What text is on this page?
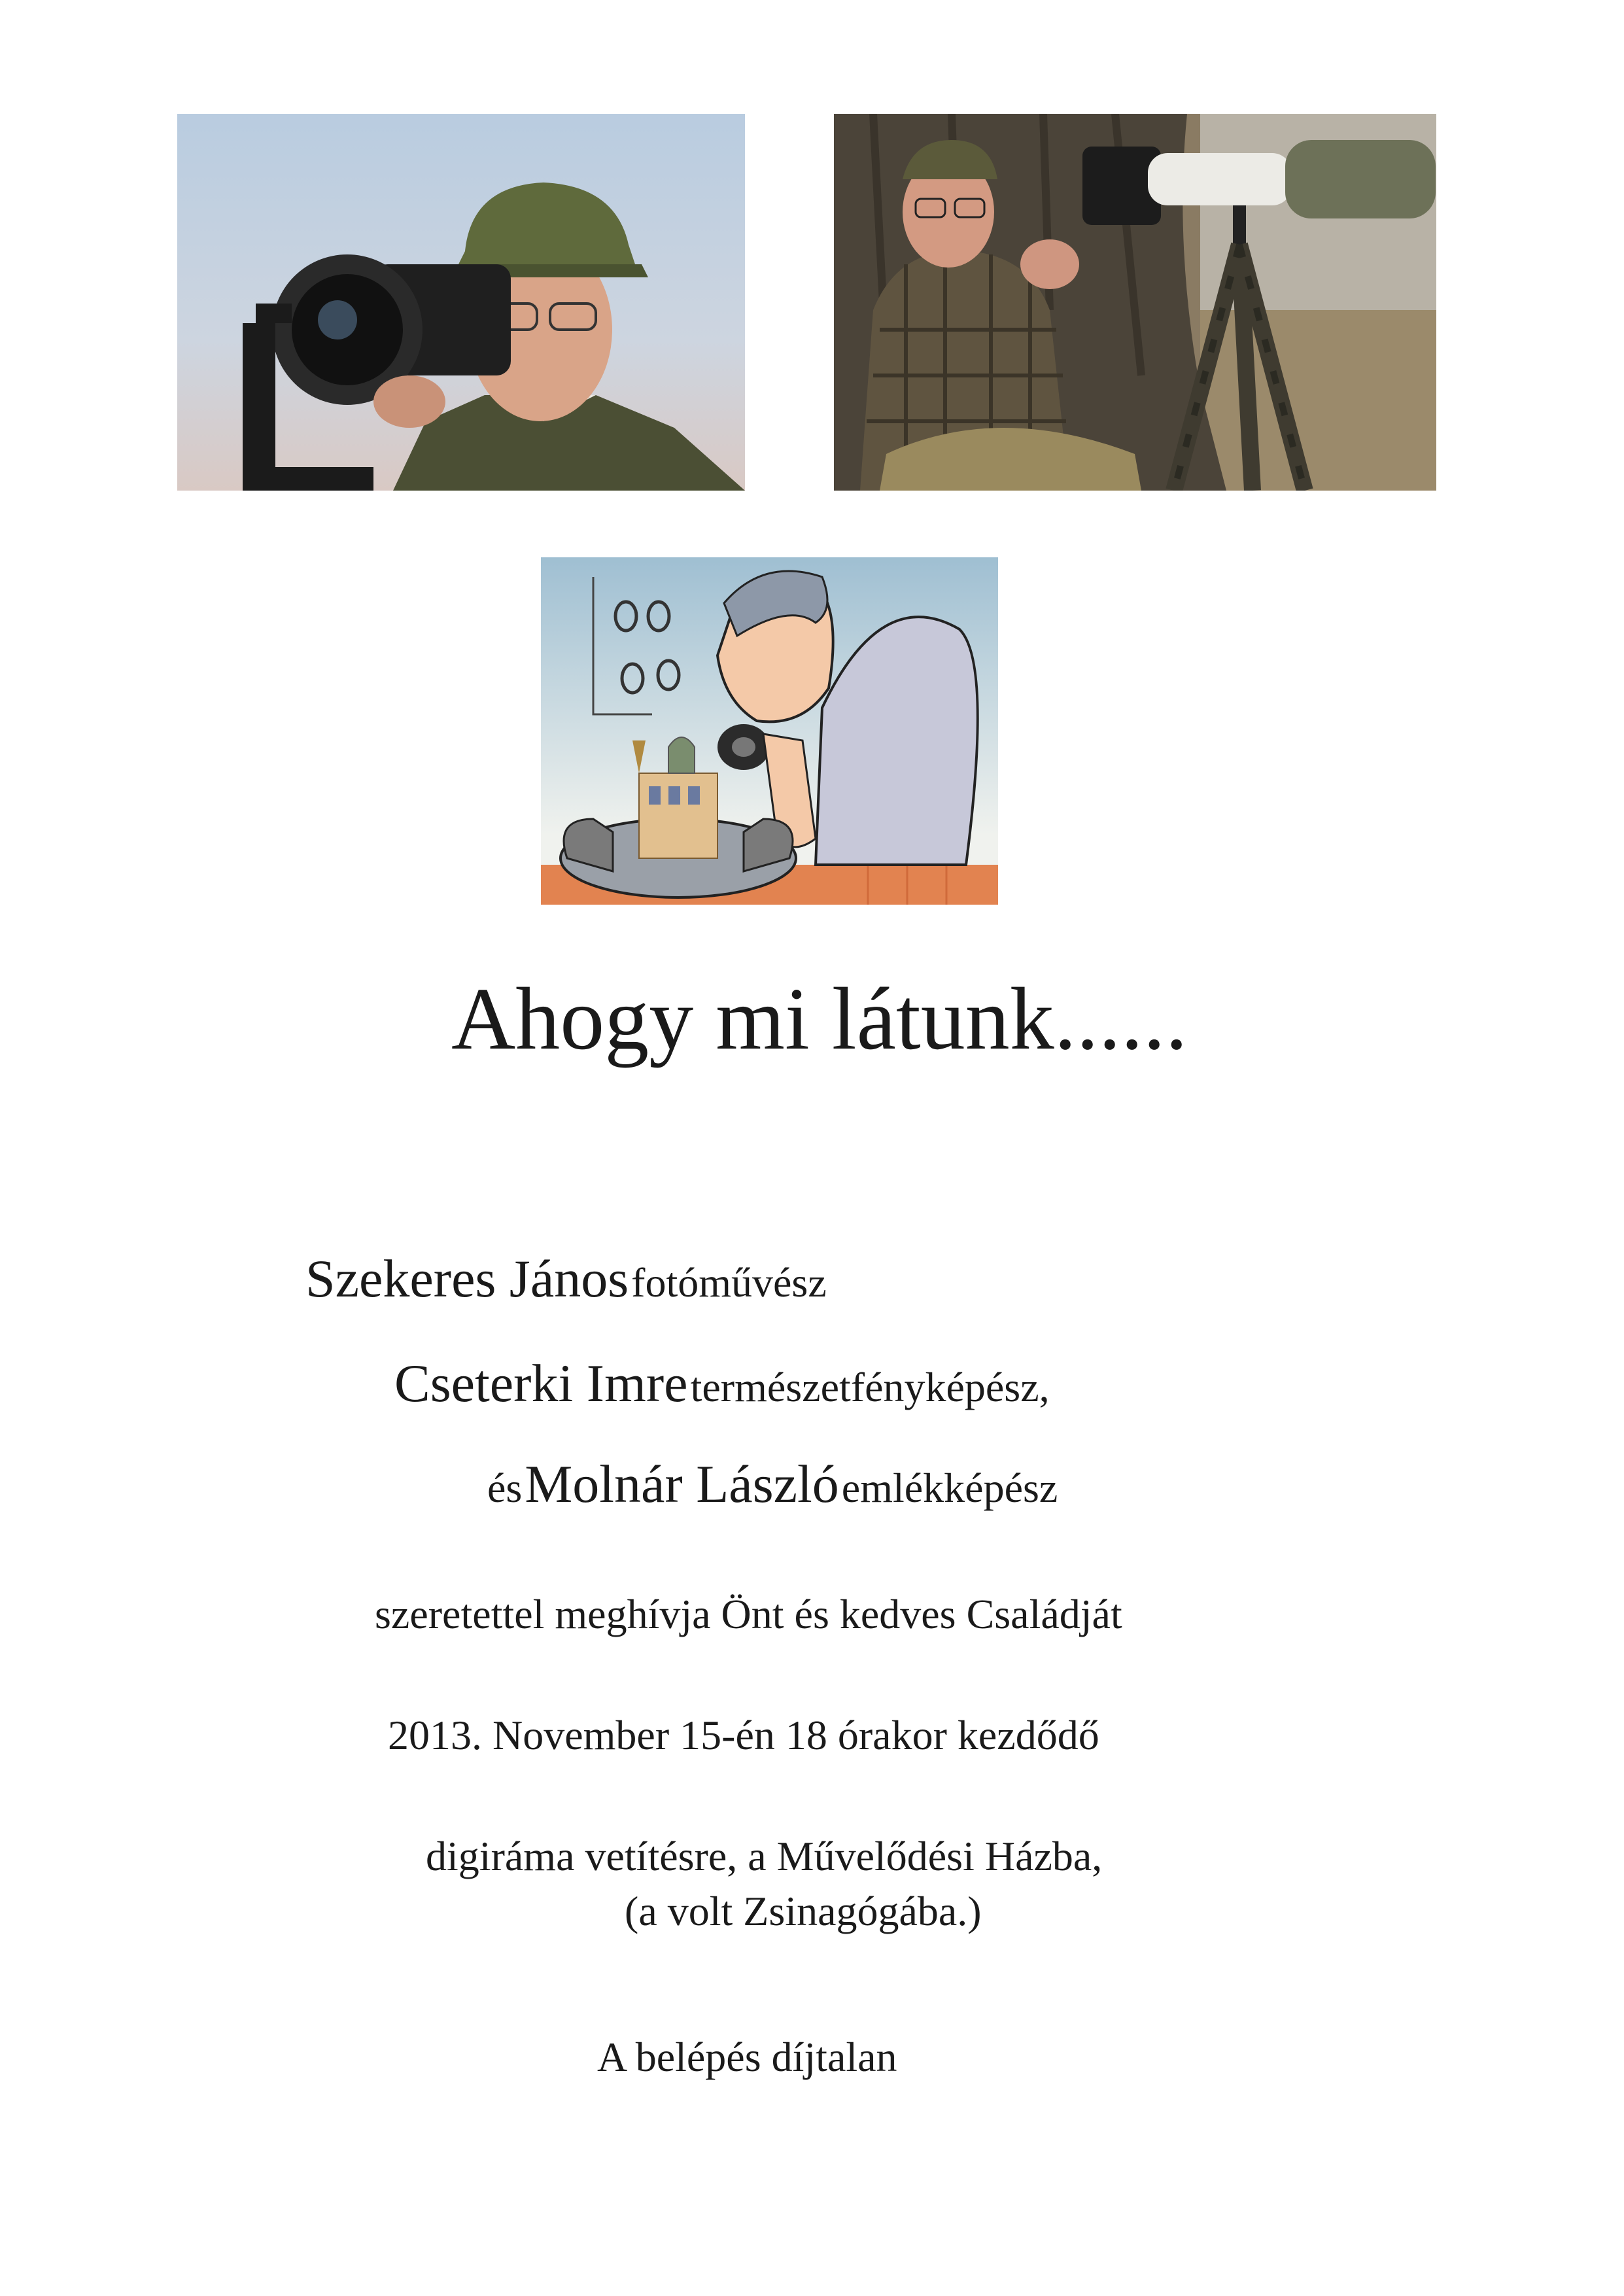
Ahogy mi látunk......
Szekeres János fotóművész
Cseterki Imre természetfényképész,
és Molnár László emlékképész
szeretettel meghívja Önt és kedves Családját
2013. November 15-én 18 órakor kezdődő
digiráma vetítésre, a Művelődési Házba,
(a volt Zsinagógába.)
A belépés díjtalan
